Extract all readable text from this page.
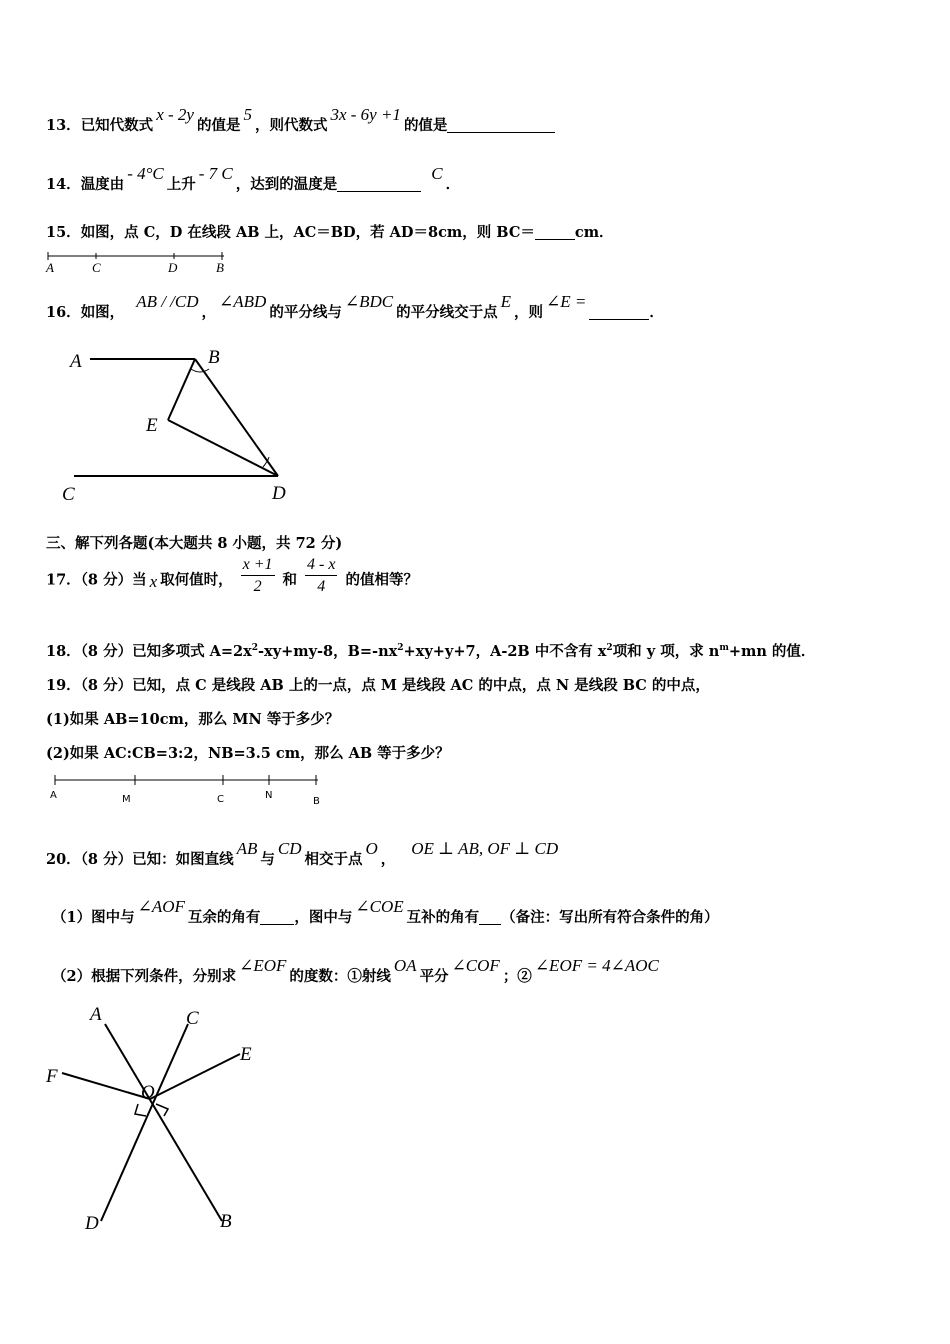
13．已知代数式x - 2y的值是5，则代数式3x - 6y +1的值是
14．温度由- 4°C上升- 7 C，达到的温度是C．
15．如图，点 C，D 在线段 AB 上，AC＝BD，若 AD＝8cm，则 BC＝	cm．
A	C	D	B
16．如图，AB / /CD，∠ABD的平分线与∠BDC的平分线交于点E，则∠E =．
A	B
E
C	D
三、解下列各题(本大题共 8 小题，共 72 分)
17．（8 分）当 x 取何值时， $\frac{x +1}{2}$ 和 $\frac{4 - x}{4}$ 的值相等？
18．（8 分）已知多项式 $A=2x^2-xy+my-8$，$B=-nx^2+xy+y+7$，A-2B 中不含有 $x^2$项和 y 项，求 $n^m+mn$ 的值．
19．（8 分）已知，点 C 是线段 AB 上的一点，点 M 是线段 AC 的中点，点 N 是线段 BC 的中点，
(1)如果 AB=10cm，那么 MN 等于多少？
(2)如果 AC:CB=3:2，NB=3.5 cm，那么 AB 等于多少？
A	M	C	N
B
20．（8 分）已知：如图直线AB与CD相交于点O，OE ⊥ AB, OF ⊥ CD
（1）图中与∠AOF互余的角有 ，图中与∠COE互补的角有 （备注：写出所有符合条件的角）
（2）根据下列条件，分别求∠EOF的度数：①射线OA平分∠COF；②∠EOF = 4∠AOC
A	C
E
F
O
D	B
